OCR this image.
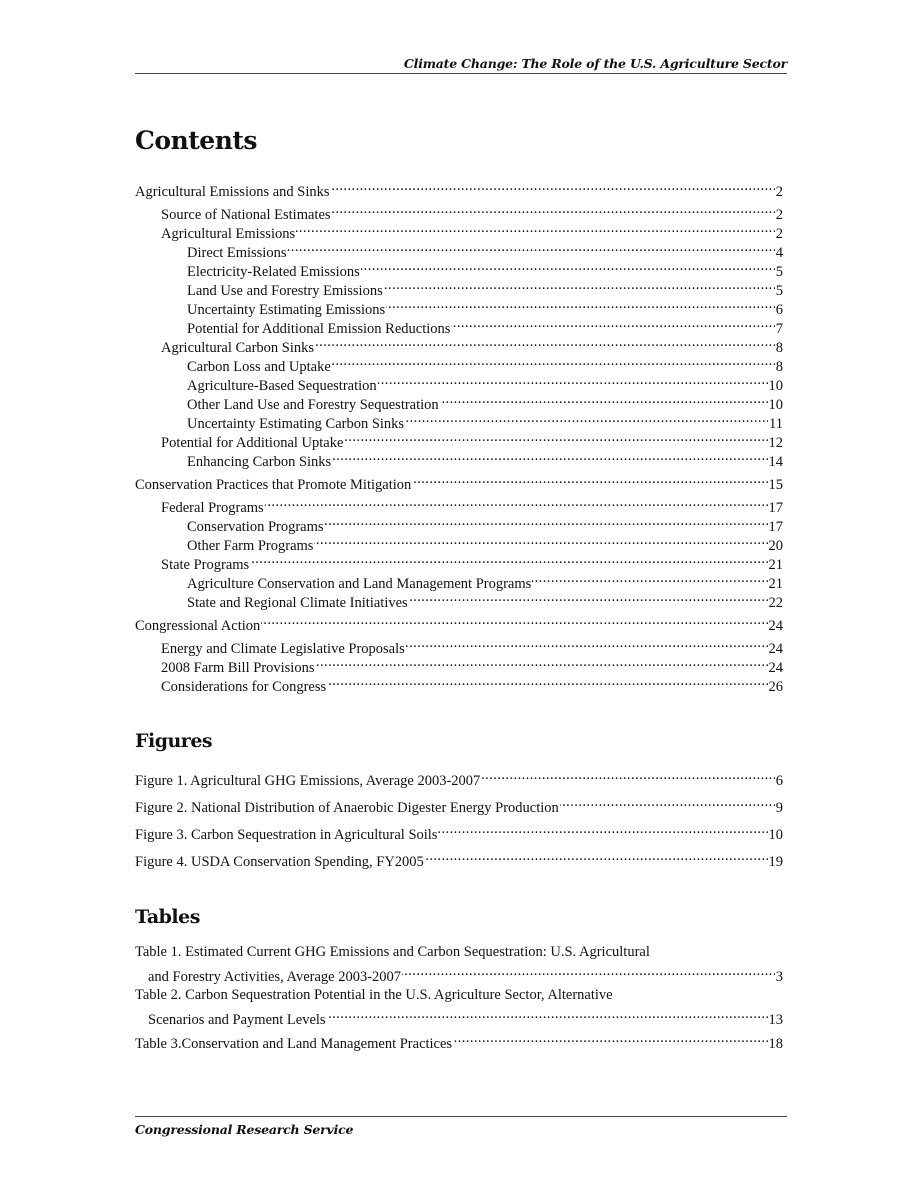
Climate Change: The Role of the U.S. Agriculture Sector
Contents
Agricultural Emissions and Sinks . . .	2
Source of National Estimates . . .	2
Agricultural Emissions . . .	2
Direct Emissions . . .	4
Electricity-Related Emissions . . .	5
Land Use and Forestry Emissions . . .	5
Uncertainty Estimating Emissions . . .	6
Potential for Additional Emission Reductions . . .	7
Agricultural Carbon Sinks . . .	8
Carbon Loss and Uptake . . .	8
Agriculture-Based Sequestration . . .	10
Other Land Use and Forestry Sequestration . . .	10
Uncertainty Estimating Carbon Sinks . . .	11
Potential for Additional Uptake . . .	12
Enhancing Carbon Sinks . . .	14
Conservation Practices that Promote Mitigation . . .	15
Federal Programs . . .	17
Conservation Programs . . .	17
Other Farm Programs . . .	20
State Programs . . .	21
Agriculture Conservation and Land Management Programs . . .	21
State and Regional Climate Initiatives . . .	22
Congressional Action . . .	24
Energy and Climate Legislative Proposals . . .	24
2008 Farm Bill Provisions . . .	24
Considerations for Congress . . .	26
Figures
Figure 1. Agricultural GHG Emissions, Average 2003-2007 . . .	6
Figure 2. National Distribution of Anaerobic Digester Energy Production . . .	9
Figure 3. Carbon Sequestration in Agricultural Soils . . .	10
Figure 4. USDA Conservation Spending, FY2005 . . .	19
Tables
Table 1. Estimated Current GHG Emissions and Carbon Sequestration: U.S. Agricultural
and Forestry Activities, Average 2003-2007 . . .	3
Table 2. Carbon Sequestration Potential in the U.S. Agriculture Sector, Alternative
Scenarios and Payment Levels . . .	13
Table 3.Conservation and Land Management Practices . . .	18
Congressional Research Service
